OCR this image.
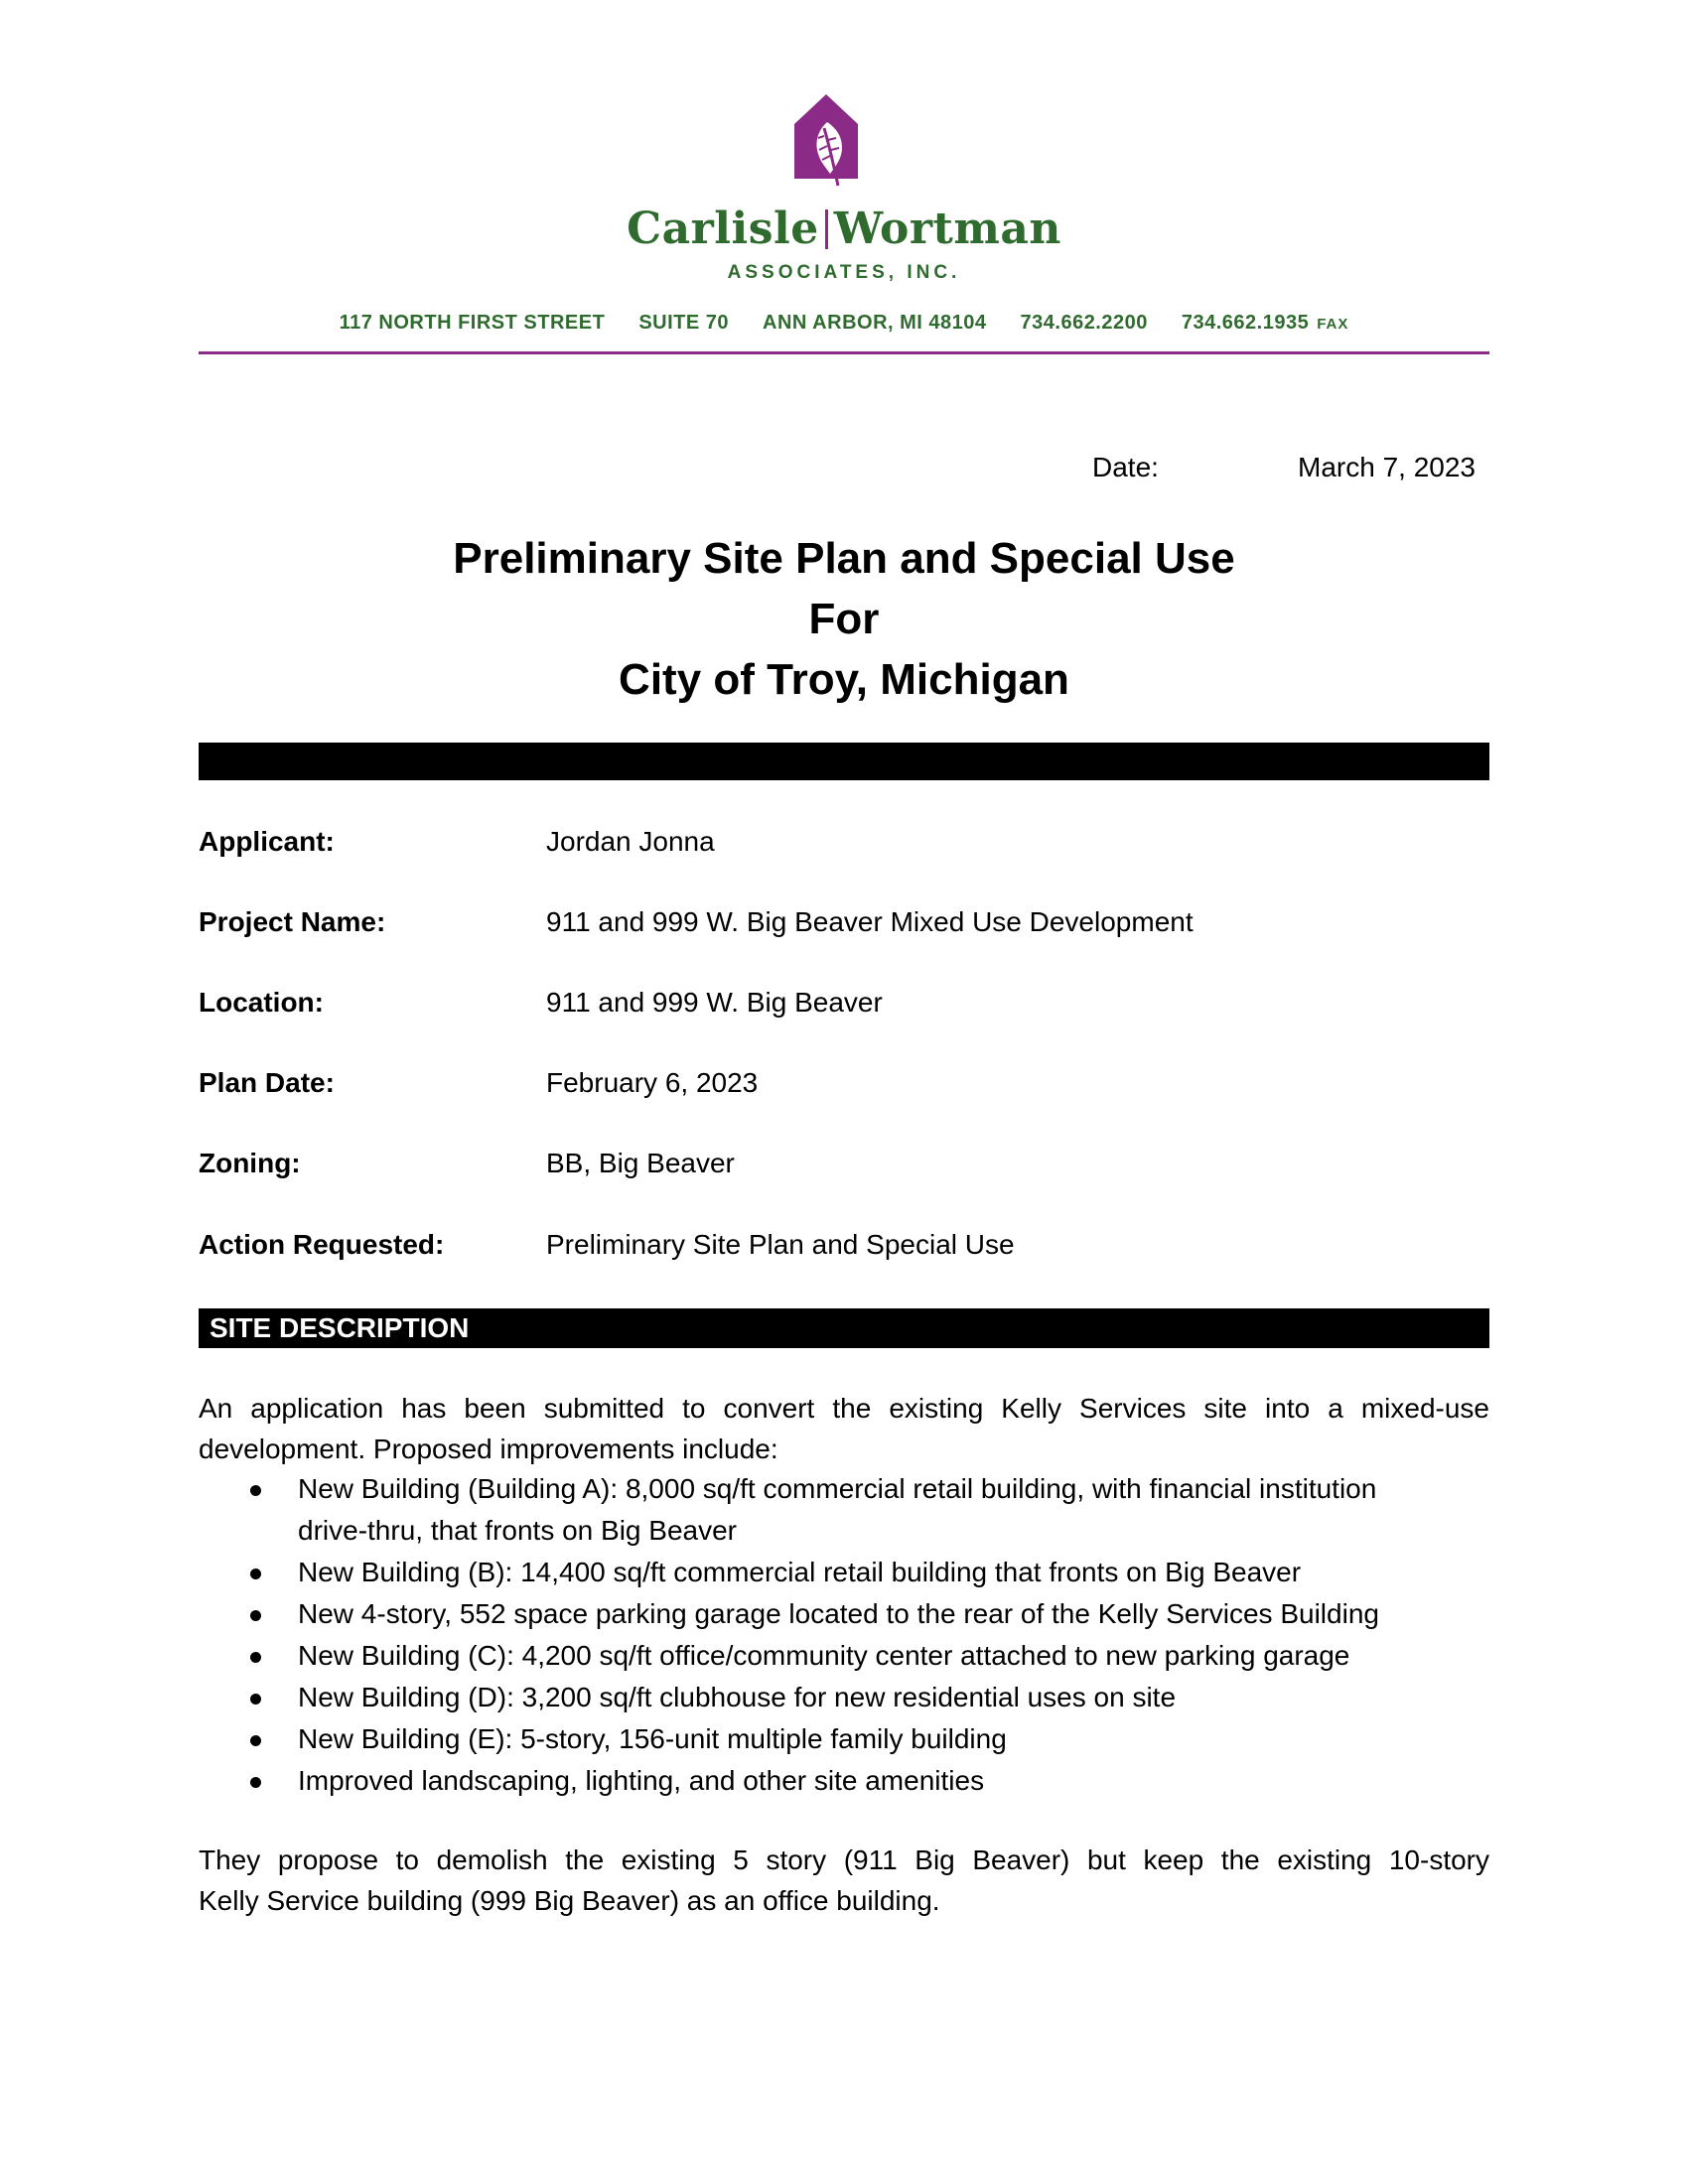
Carlisle Wortman
ASSOCIATES, INC.
117 NORTH FIRST STREET SUITE 70 ANN ARBOR, MI 48104 734.662.2200 734.662.1935 FAX
Date:	March 7, 2023
Preliminary Site Plan and Special Use
For
City of Troy, Michigan
Applicant:	Jordan Jonna
Project Name:	911 and 999 W. Big Beaver Mixed Use Development
Location:	911 and 999 W. Big Beaver
Plan Date:	February 6, 2023
Zoning:	BB, Big Beaver
Action Requested:	Preliminary Site Plan and Special Use
SITE DESCRIPTION
An application has been submitted to convert the existing Kelly Services site into a mixed-use
development. Proposed improvements include:
New Building (Building A): 8,000 sq/ft commercial retail building, with financial institution
drive-thru, that fronts on Big Beaver
New Building (B): 14,400 sq/ft commercial retail building that fronts on Big Beaver
New 4-story, 552 space parking garage located to the rear of the Kelly Services Building
New Building (C): 4,200 sq/ft office/community center attached to new parking garage
New Building (D): 3,200 sq/ft clubhouse for new residential uses on site
New Building (E): 5-story, 156-unit multiple family building
Improved landscaping, lighting, and other site amenities
They propose to demolish the existing 5 story (911 Big Beaver) but keep the existing 10-story
Kelly Service building (999 Big Beaver) as an office building.
